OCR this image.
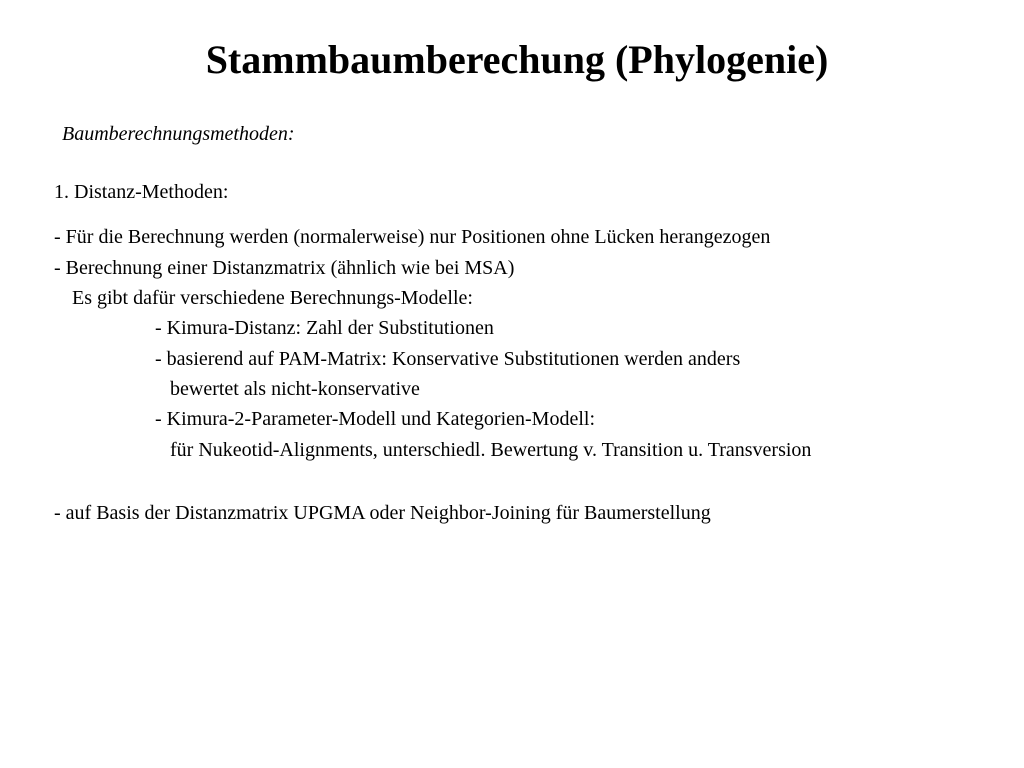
Stammbaumberechung (Phylogenie)
Baumberechnungsmethoden:
1. Distanz-Methoden:
- Für die Berechnung werden (normalerweise) nur Positionen ohne Lücken herangezogen
- Berechnung einer Distanzmatrix (ähnlich wie bei MSA)
Es gibt dafür verschiedene Berechnungs-Modelle:
- Kimura-Distanz: Zahl der Substitutionen
- basierend auf PAM-Matrix: Konservative Substitutionen werden anders
bewertet als nicht-konservative
- Kimura-2-Parameter-Modell und Kategorien-Modell:
für Nukeotid-Alignments, unterschiedl. Bewertung v. Transition u. Transversion
- auf Basis der Distanzmatrix UPGMA oder Neighbor-Joining für Baumerstellung
